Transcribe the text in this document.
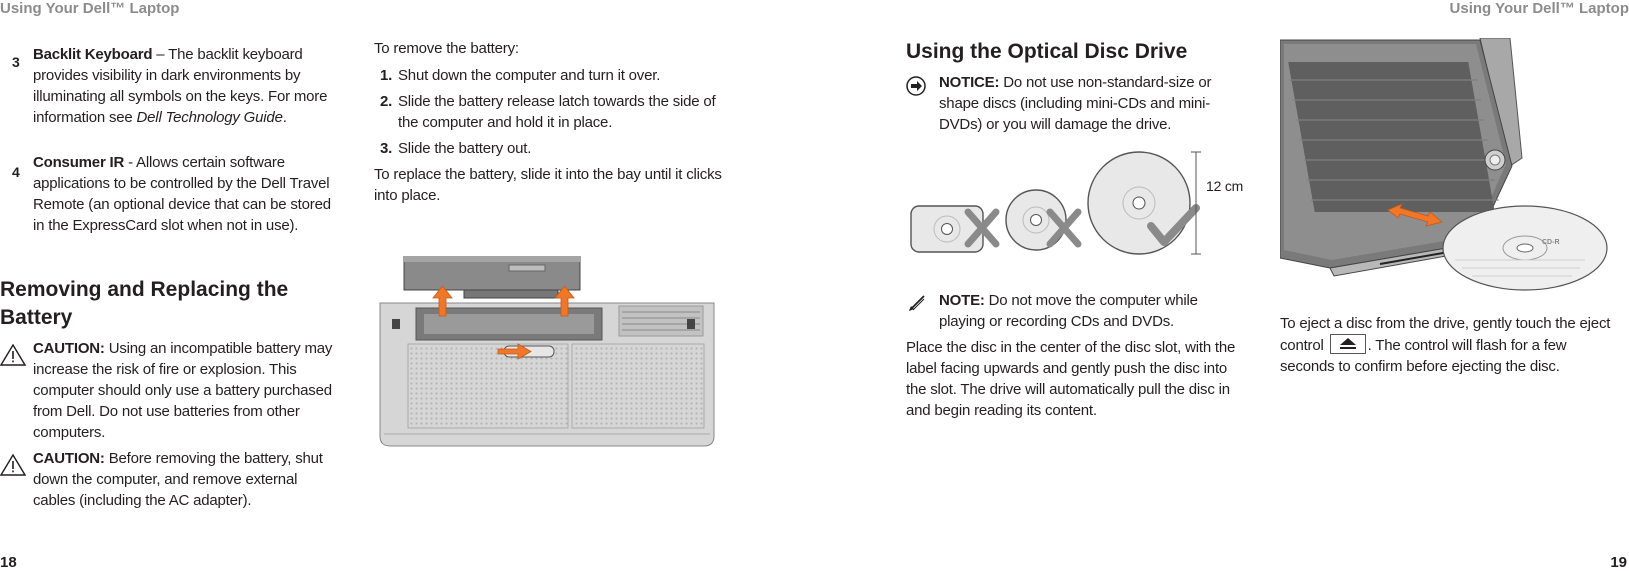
Using Your Dell™ Laptop	Using Your Dell™ Laptop
3 Backlit Keyboard – The backlit keyboard provides visibility in dark environments by illuminating all symbols on the keys. For more information see Dell Technology Guide.
4
Consumer IR - Allows certain software applications to be controlled by the Dell Travel Remote (an optional device that can be stored in the ExpressCard slot when not in use).
Removing and Replacing the Battery
CAUTION: Using an incompatible battery may increase the risk of fire or explosion. This computer should only use a battery purchased from Dell. Do not use batteries from other computers.
CAUTION: Before removing the battery, shut down the computer, and remove external cables (including the AC adapter).
18
To remove the battery:
1. Shut down the computer and turn it over.
2. Slide the battery release latch towards the side of the computer and hold it in place.
3. Slide the battery out.
To replace the battery, slide it into the bay until it clicks into place.
Using the Optical Disc Drive
NOTICE: Do not use non-standard-size or shape discs (including mini-CDs and mini-DVDs) or you will damage the drive.
12 cm
NOTE: Do not move the computer while playing or recording CDs and DVDs.
Place the disc in the center of the disc slot, with the label facing upwards and gently push the disc into the slot. The drive will automatically pull the disc in and begin reading its content.
CD-R
To eject a disc from the drive, gently touch the eject control	. The control will flash for a few seconds to confirm before ejecting the disc.
19
